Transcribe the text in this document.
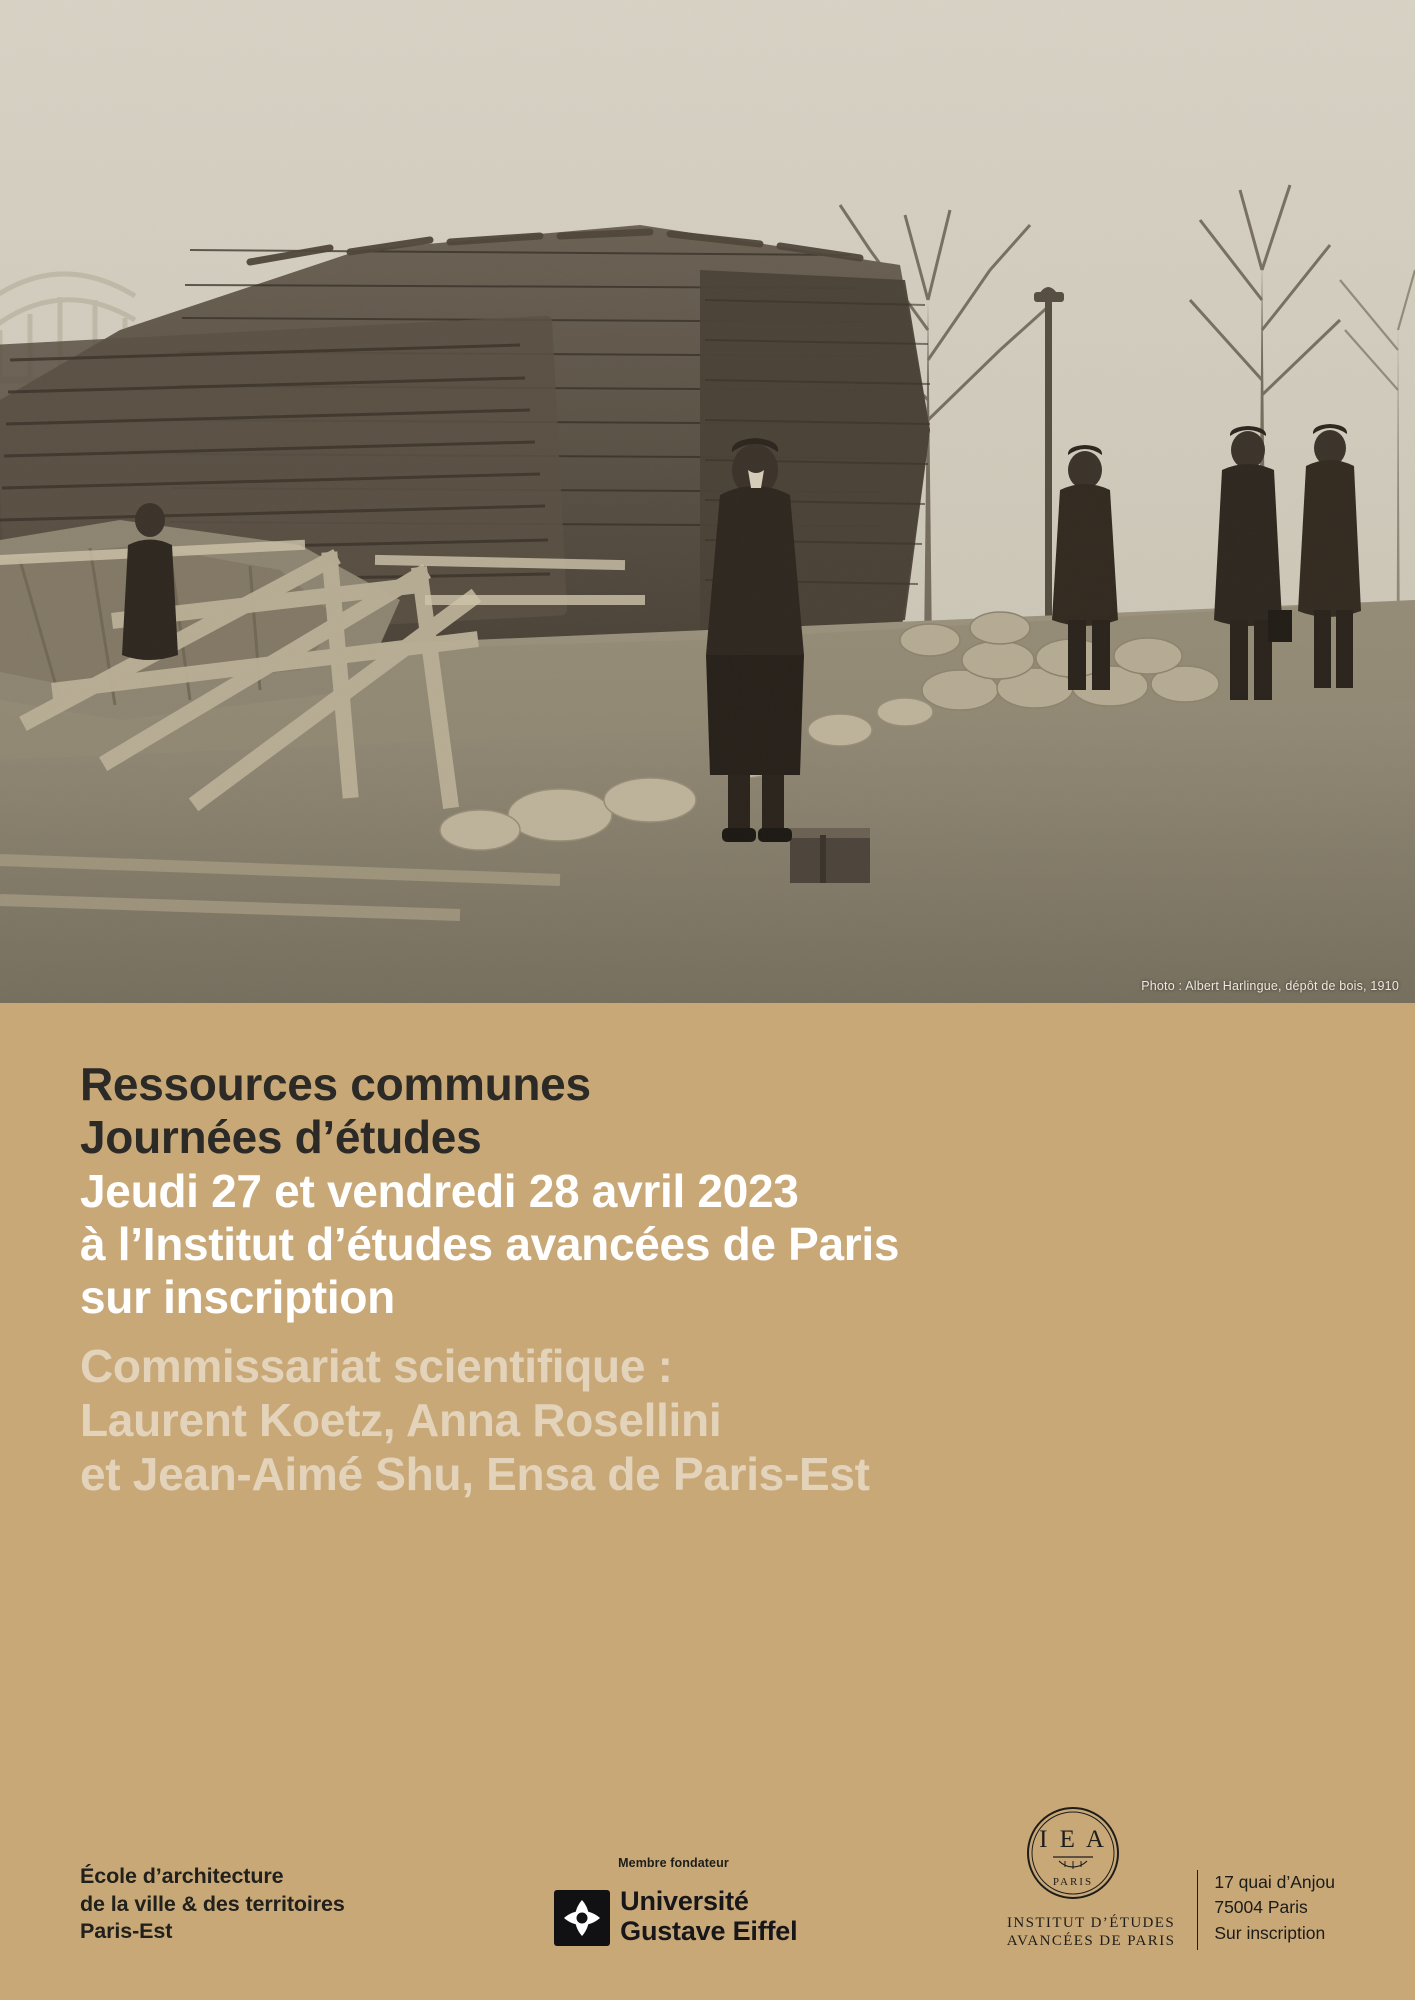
Photo : Albert Harlingue, dépôt de bois, 1910
Ressources communes
Journées d’études
Jeudi 27 et vendredi 28 avril 2023
à l’Institut d’études avancées de Paris
sur inscription

Commissariat scientifique :
Laurent Koetz, Anna Rosellini
et Jean-Aimé Shu, Ensa de Paris-Est

École d’architecture
de la ville & des territoires
Paris-Est
Membre fondateur
Université
Gustave Eiffel
I E A
PARIS
INSTITUT D’ÉTUDES
AVANCÉES DE PARIS
17 quai d’Anjou
75004 Paris
Sur inscription
